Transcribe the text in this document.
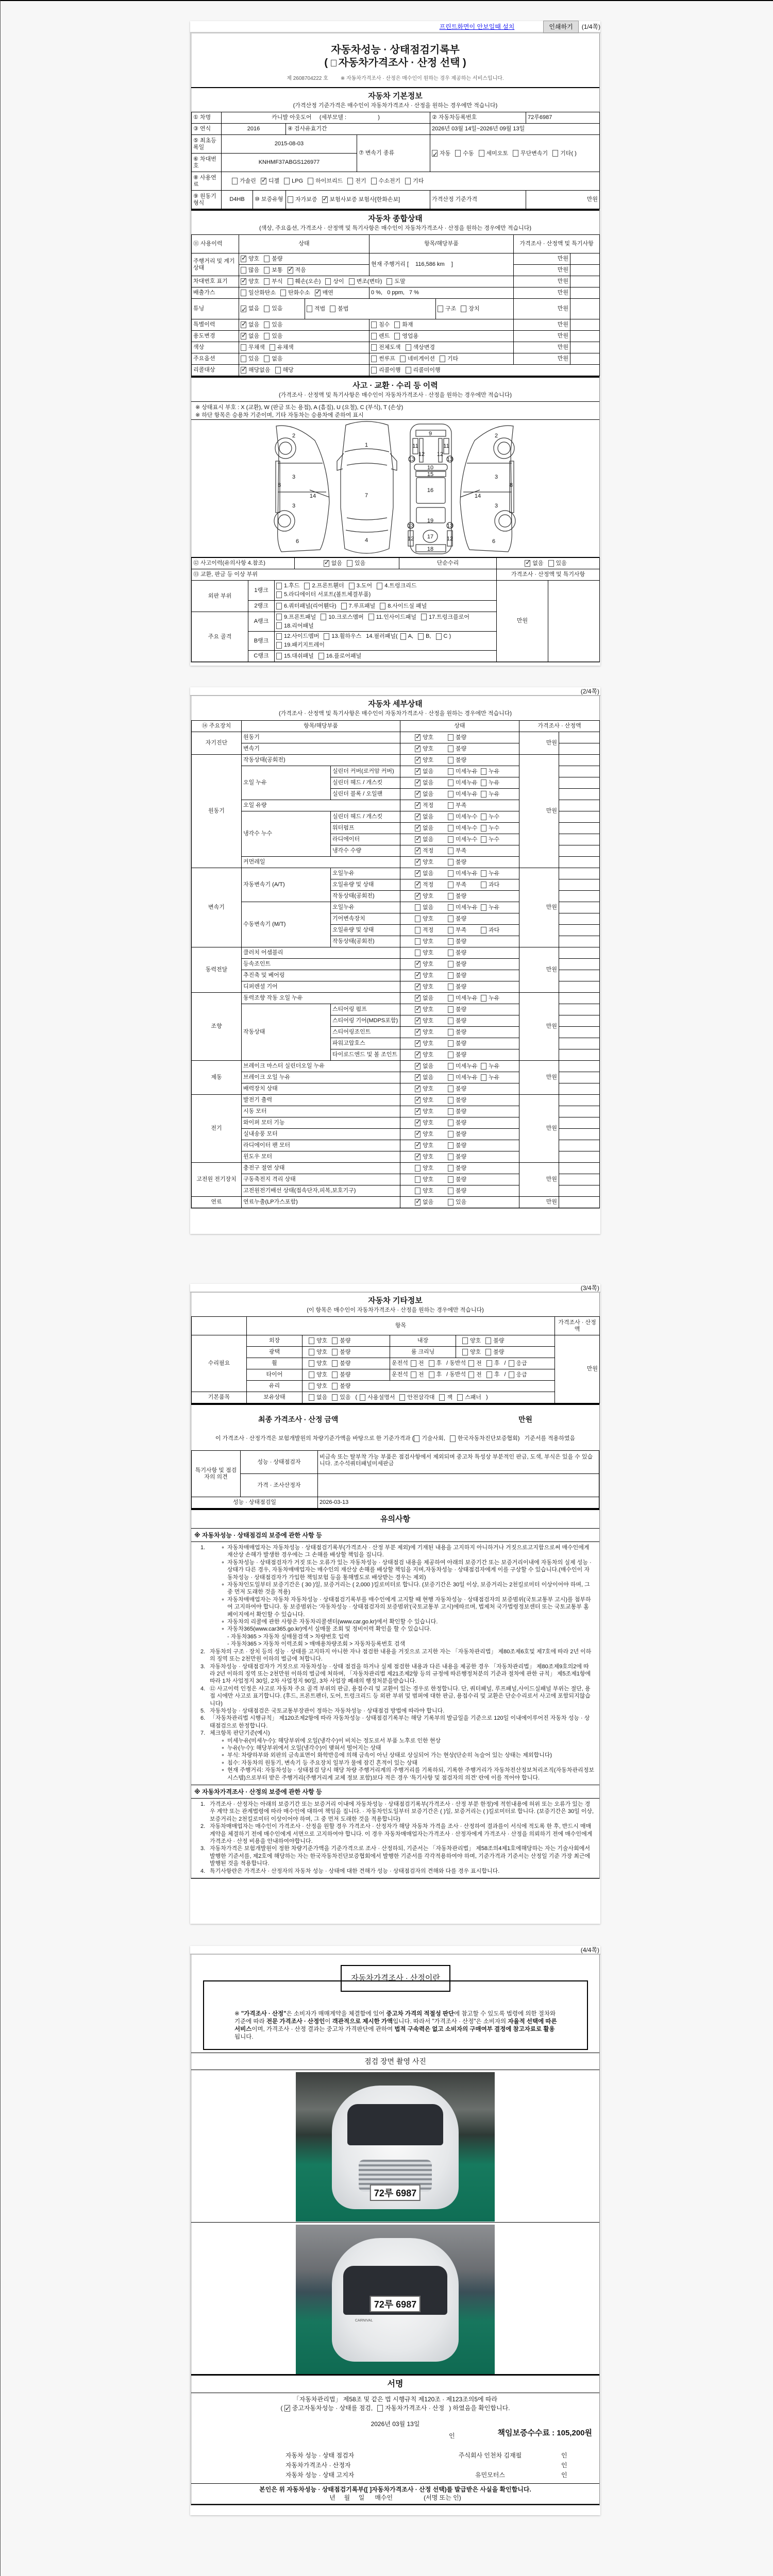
프린트화면이 안보일때 설치	인쇄하기	(1/4쪽)
자동차성능 · 상태점검기록부
( 자동차가격조사 · 산정 선택 )
제 2608704222 호 ※ 자동차가격조사 · 산정은 매수인이 원하는 경우 제공하는 서비스입니다.
자동차 기본정보
(가격산정 기준가격은 매수인이 자동차가격조사 · 산정을 원하는 경우에만 적습니다)
① 차명	카니발 아웃도어 (세부모델 :                    )				② 자동차등록번호	72루6987
③ 연식	2016		④ 검사유효기간		2026년 03월 14일~2026년 09월 13일	
⑤ 최초등록일	2015-08-03			⑦ 변속기 종류	✓자동 수동 세미오토 무단변속기 기타( )
⑥ 차대번호	KNHMF37ABGS126977					
⑧ 사용연료	가솔린 ✓ 디젤 LPG 하이브리드 전기 수소전기 기타
⑨ 원동기형식	D4HB	⑩ 보증유형	자가보증 ✓ 보험사보증 보험사[한화손보]		가격산정 기준가격	만원
자동차 종합상태
(색상, 주요옵션, 가격조사 · 산정액 및 특기사항은 매수인이 자동차가격조사 · 산정을 원하는 경우에만 적습니다)
⑪ 사용이력	상태		항목/해당부품		가격조사 · 산정액 및 특기사항	
주행거리 및 계기상태	✓양호 불량		현재 주행거리 [ 116,586 km ]		만원	
	많음 보통 ✓ 적음				만원	
차대번호 표기	✓양호 부식 훼손(오손) 상이 변조(변타) 도말				만원	
배출가스	일산화탄소 탄화수소 ✓ 매연		0 %,   0 ppm,   7 %		만원	
튜닝	✓없음 있음	적법 불법		구조 장치	만원	
특별이력	✓없음 있음		침수 화재		만원	
용도변경	✓없음 있음		렌트 영업용		만원	
색상	무채색 유채색		전체도색 색상변경		만원	
주요옵션	있음 없음		썬루프 네비게이션 기타		만원	
리콜대상	✓해당없음 해당		리콜이행 리콜미이행			
사고 · 교환 · 수리 등 이력
(가격조사 · 산정액 및 특기사항은 매수인이 자동차가격조사 · 산정을 원하는 경우에만 적습니다)
※ 상태표시 부호 : X (교환), W (판금 또는 용접), A (흠집), U (요철), C (부식), T (손상)
※ 하단 항목은 승용차 기준이며, 기타 자동차는 승용차에 준하여 표시
2
3
8
14
3
6
1
7
4
9
11	11
12 12
13	13
10
15
16
19
13	13
12 17 12
18
2
3
8
14
3
6
⑫ 사고이력(유의사항 4.참조)	✓없음 있음	단순수리	✓없음 있음
⑬ 교환, 판금 등 이상 부위					가격조사 · 산정액 및 특기사항	
외판 부위	1랭크	1.후드 2.프론트휀더 3.도어 4.트렁크리드5.라디에이터 서포트(볼트체결부품)			만원	
	2랭크	6.쿼터패널(리어휀다) 7.루프패널 8.사이드실 패널				
주요 골격	A랭크	9.프론트패널 10.크로스멤버 11.인사이드패널 17.트렁크플로어18.리어패널				
	B랭크	12.사이드멤버 13.휠하우스 14.필러패널( A, B, C )19.패키지트레이				
	C랭크	15.대쉬패널 16.플로어패널				
(2/4쪽)
자동차 세부상태
(가격조사 · 산정액 및 특기사항은 매수인이 자동차가격조사 · 산정을 원하는 경우에만 적습니다)
⑭ 주요장치	항목/해당부품		상태	가격조사 · 산정액	
자기진단	원동기	✓양호 불량	만원	
	변속기	✓양호 불량	
원동기	작동상태(공회전)	✓양호 불량	만원	
	오일 누유	실린더 커버(로커암 커버)	✓없음 미세누유 누유	
		실린더 헤드 / 개스킷	✓없음 미세누유 누유	
		실린더 블록 / 오일팬	✓없음 미세누유 누유	
	오일 유량	✓적정 부족	
	냉각수 누수	실린더 헤드 / 개스킷	✓없음 미세누수 누수	
		워터펌프	✓없음 미세누수 누수	
		라디에이터	✓없음 미세누수 누수	
		냉각수 수량	✓적정 부족	
	커먼레일	✓양호 불량	
변속기	자동변속기 (A/T)	오일누유	✓없음 미세누유 누유	만원	
		오일유량 및 상태	✓적정 부족 과다	
		작동상태(공회전)	✓양호 불량	
	수동변속기 (M/T)	오일누유	없음 미세누유 누유		
		기어변속장치	양호 불량		
		오일유량 및 상태	적정 부족 과다		
		작동상태(공회전)	양호 불량		
동력전달	클러치 어셈블리		양호 불량	만원	
	등속조인트	✓양호 불량	
	추진축 및 베어링	✓양호 불량	
	디퍼렌셜 기어	✓양호 불량	
조향	동력조향 작동 오일 누유	✓없음 미세누유 누유	만원	
	작동상태	스티어링 펌프	✓양호 불량	
		스티어링 기어(MDPS포함)	✓양호 불량	
		스티어링조인트	✓양호 불량	
		파워고압호스	✓양호 불량	
		타이로드엔드 및 볼 조인트	✓양호 불량	
제동	브레이크 마스터 실린더오일 누유	✓없음 미세누유 누유	만원	
	브레이크 오일 누유	✓없음 미세누유 누유	
	배력장치 상태	✓양호 불량	
전기	발전기 출력	✓양호 불량	만원	
	시동 모터	✓양호 불량	
	와이퍼 모터 기능	✓양호 불량	
	실내송풍 모터	✓양호 불량	
	라디에이터 팬 모터	✓양호 불량	
	윈도우 모터	✓양호 불량	
고전원 전기장치	충전구 절연 상태		양호 불량	만원	
	구동축전지 격리 상태		양호 불량		
	고전원전기배선 상태(접속단자,피복,보호기구)		양호 불량		
연료	연료누출(LP가스포함)	✓없음 있음	만원	
(3/4쪽)
자동차 기타정보
(이 항목은 매수인이 자동차가격조사 · 산정을 원하는 경우에만 적습니다)
	항목				가격조사 · 산정액
수리필요	외장	양호 불량	내장	양호 불량	만원
	광택	양호 불량	룸 크리닝	양호 불량	
	휠	양호 불량	운전석 전 후 / 동반석 전 후 / 응급		
	타이어	양호 불량	운전석 전 후 / 동반석 전 후 / 응급		
	유리	양호 불량			
기본품목	보유상태	없음 있음 ( 사용설명서 안전삼각대 잭 스패너 )			
최종 가격조사 · 산정 금액	만원
이 가격조사 · 산정가격은 보험개발원의 차량기준가액을 바탕으로 한 기준가격과 ( 기술사회, 한국자동차진단보증협회) 기준서를 적용하였음
특기사항 및 점검자의 의견	성능 · 상태점검자	비금속 또는 탈부착 가능 부품은 점검사항에서 제외되며 중고차 특성상 부분적인 판금, 도색, 부식은 있을 수 있습니다. 조수석쿼터패널미세판금
	가격 · 조사산정자	
성능 · 상태점검일		2026-03-13
유의사항
※ 자동차성능 · 상태점검의 보증에 관한 사항 등
1.	∘ 자동차매매업자는 자동차성능 · 상태점검기록부(가격조사 · 산정 부분 제외)에 기재된 내용을 고지하지 아니하거나 거짓으로고지함으로써 매수인에게 재산상 손해가 발생한 경우에는 그 손해를 배상할 책임을 집니다.
∘ 자동차성능 · 상태점검자가 거짓 또는 오류가 있는 자동차성능 · 상태점검 내용을 제공하여 아래의 보증기간 또는 보증거리이내에 자동차의 실제 성능 · 상태가 다른 경우, 자동차매매업자는 매수인의 재산상 손해를 배상할 책임을 지며,자동차성능 · 상태점검자에게 이를 구상할 수 있습니다.(매수인이 자동차성능 · 상태점검자가 가입한 책임보험 등을 통해별도로 배상받는 경우는 제외)
∘ 자동차인도일부터 보증기간은 ( 30 )일, 보증거리는 ( 2,000 )킬로미터로 합니다. (보증기간은 30일 이상, 보증거리는 2천킬로미터 이상이어야 하며, 그 중 먼저 도래한 것을 적용)
∘ 자동차매매업자는 자동차 자동차성능 · 상태점검기록부를 매수인에게 고지할 때 현행 자동차성능 · 상태점검자의 보증범위(국토교통부 고시)를 첨부하여 고지하여야 합니다. 동 보증범위는 '자동차성능 · 상태점검자의 보증범위'(국토교통부 고시)에따르며, 법제처 국가법령정보센터 또는 국토교통부 홈페이지에서 확인할 수 있습니다.
∘ 자동차의 리콜에 관한 사항은 자동차리콜센터(www.car.go.kr)에서 확인할 수 있습니다.
∘ 자동차365(www.car365.go.kr)에서 실매물 조회 및 정비이력 확인을 할 수 있습니다.
- 자동차365 > 자동차 실매물검색 > 차량번호 입력
- 자동차365 > 자동차 이력조회 > 매매용차량조회 > 자동차등록번호 검색
2. 자동차의 구조 · 장치 등의 성능 · 상태를 고지하지 아니한 자나 점검한 내용을 거짓으로 고지한 자는 「자동차관리법」 제80조제6호및 제7호에 따라 2년 이하의 징역 또는 2천만원 이하의 벌금에 처합니다.
3. 자동차성능 · 상태점검자가 거짓으로 자동차성능 · 상태 점검을 하거나 실제 점검한 내용과 다른 내용을 제공한 경우 「자동차관리법」 제80조제9호의2에 따라 2년 이하의 징역 또는 2천만원 이하의 벌금에 처하며, 「자동차관리법 제21조제2항 등의 규정에 따른행정처분의 기준과 절차에 관한 규칙」 제5조제1항에 따라 1차 사업정지 30일, 2차 사업정지 90일, 3차 사업장 폐쇄의 행정처분을받습니다.
4. ⑫ 사고이력 인정은 사고로 자동차 주요 골격 부위의 판금, 용접수리 및 교환이 있는 경우로 한정합니다. 단, 쿼터패널, 루프패널,사이드실패널 부위는 절단, 용접 시에만 사고로 표기합니다. (후드, 프론트펜더, 도어, 트렁크리드 등 외판 부위 및 범퍼에 대한 판금, 용접수리 및 교환은 단순수리로서 사고에 포함되지않습니다)
5. 자동차성능 · 상태점검은 국토교통부장관이 정하는 자동차성능 · 상태점검 방법에 따라야 합니다.
6. 「자동차관리법 시행규칙」 제120조제2항에 따라 자동차성능 · 상태점검기록부는 해당 기록부의 발급일을 기준으로 120일 이내에이루어진 자동차 성능 · 상태점검으로 한정합니다.
7. 체크항목 판단기준(예시)
∘ 미세누유(미세누수): 해당부위에 오일(냉각수)이 비치는 정도로서 부품 노후로 인한 현상
∘ 누유(누수): 해당부위에서 오일(냉각수)이 맺혀서 떨어지는 상태
∘ 부식: 차량하부와 외판의 금속표면이 화학반응에 의해 금속이 아닌 상태로 상실되어 가는 현상(단순히 녹슬어 있는 상태는 제외합니다)
∘ 침수: 자동차의 원동기, 변속기 등 주요장치 일부가 물에 잠긴 흔적이 있는 상태
∘ 현재 주행거리: 자동차성능 · 상태점검 당시 해당 차량 주행거리계의 주행거리를 기록하되, 기록한 주행거리가 자동차전산정보처리조직(자동차관리정보시스템)으로부터 받은 주행거리(주행거리계 교체 정보 포함)보다 적은 경우 '특기사항 및 점검자의 의견' 란에 이를 적어야 합니다.
※ 자동차가격조사 · 산정의 보증에 관한 사항 등
1. 가격조사 · 산정자는 아래의 보증기간 또는 보증거리 이내에 자동차성능 · 상태점검기록부(가격조사 · 산정 부분 한정)에 적힌내용에 허위 또는 오류가 있는 경우 계약 또는 관계법령에 따라 매수인에 대하여 책임을 집니다. · 자동차인도일부터 보증기간은 ( )일, 보증거리는 ( )킬로미터로 합니다. (보증기간은 30일 이상, 보증거리는 2천킬로미터 이상이어야 하며, 그 중 먼저 도래한 것을 적용합니다)
2. 자동차매매업자는 매수인이 가격조사 · 산정을 원할 경우 가격조사 · 산정자가 해당 자동차 가격을 조사 · 산정하여 결과를이 서식에 적도록 한 후, 반드시 매매계약을 체결하기 전에 매수인에게 서면으로 고지하여야 합니다. 이 경우 자동차매매업자는가격조사 · 산정자에게 가격조사 · 산정을 의뢰하기 전에 매수인에게 가격조사 · 산정 비용을 안내하여야합니다.
3. 자동차가격은 보험개발원이 정한 차량기준가액을 기준가격으로 조사 · 산정하되, 기준서는 「자동차관리법」 제58조의4제1호에해당하는 자는 기술사회에서 발행한 기준서를, 제2호에 해당하는 자는 한국자동차진단보증협회에서 발행한 기준서를 각각적용하여야 하며, 기준가격과 기준서는 산정일 기준 가장 최근에 발행된 것을 적용합니다.
4. 특기사항란은 가격조사 · 산정자의 자동차 성능 · 상태에 대한 견해가 성능 · 상태점검자의 견해와 다를 경우 표시합니다.
(4/4쪽)
자동차가격조사 · 산정이란
※ "가격조사 · 산정"은 소비자가 매매계약을 체결함에 있어 중고차 가격의 적절성 판단에 참고할 수 있도록 법령에 의한 절차와 기준에 따라 전문 가격조사 · 산정인이 객관적으로 제시한 가액입니다. 따라서 "가격조사 · 산정"은 소비자의 자율적 선택에 따른 서비스이며, 가격조사 · 산정 결과는 중고차 가격판단에 관하여 법적 구속력은 없고 소비자의 구매여부 결정에 참고자료로 활용됩니다.
점검 장면 촬영 사진
72루 6987
CARNIVAL
72루 6987
서명
「자동차관리법」 제58조 및 같은 법 시행규칙 제120조 · 제123조의5에 따라
( ✓ 중고자동차성능 · 상태를 점검, 자동차가격조사 · 산정 ) 하였음을 확인합니다.
2026년 03월 13일
인	책임보증수수료 : 105,200원
자동차 성능 · 상태 점검자	주식회사 인천차 김재필	인
자동차가격조사 · 산정자	인
자동차 성능 · 상태 고지자	유민모터스	인
본인은 위 자동차성능 · 상태점검기록부([ ]자동차가격조사 · 산정 선택)를 발급받은 사실을 확인합니다.
년     월     일      매수인	(서명 또는 인)
